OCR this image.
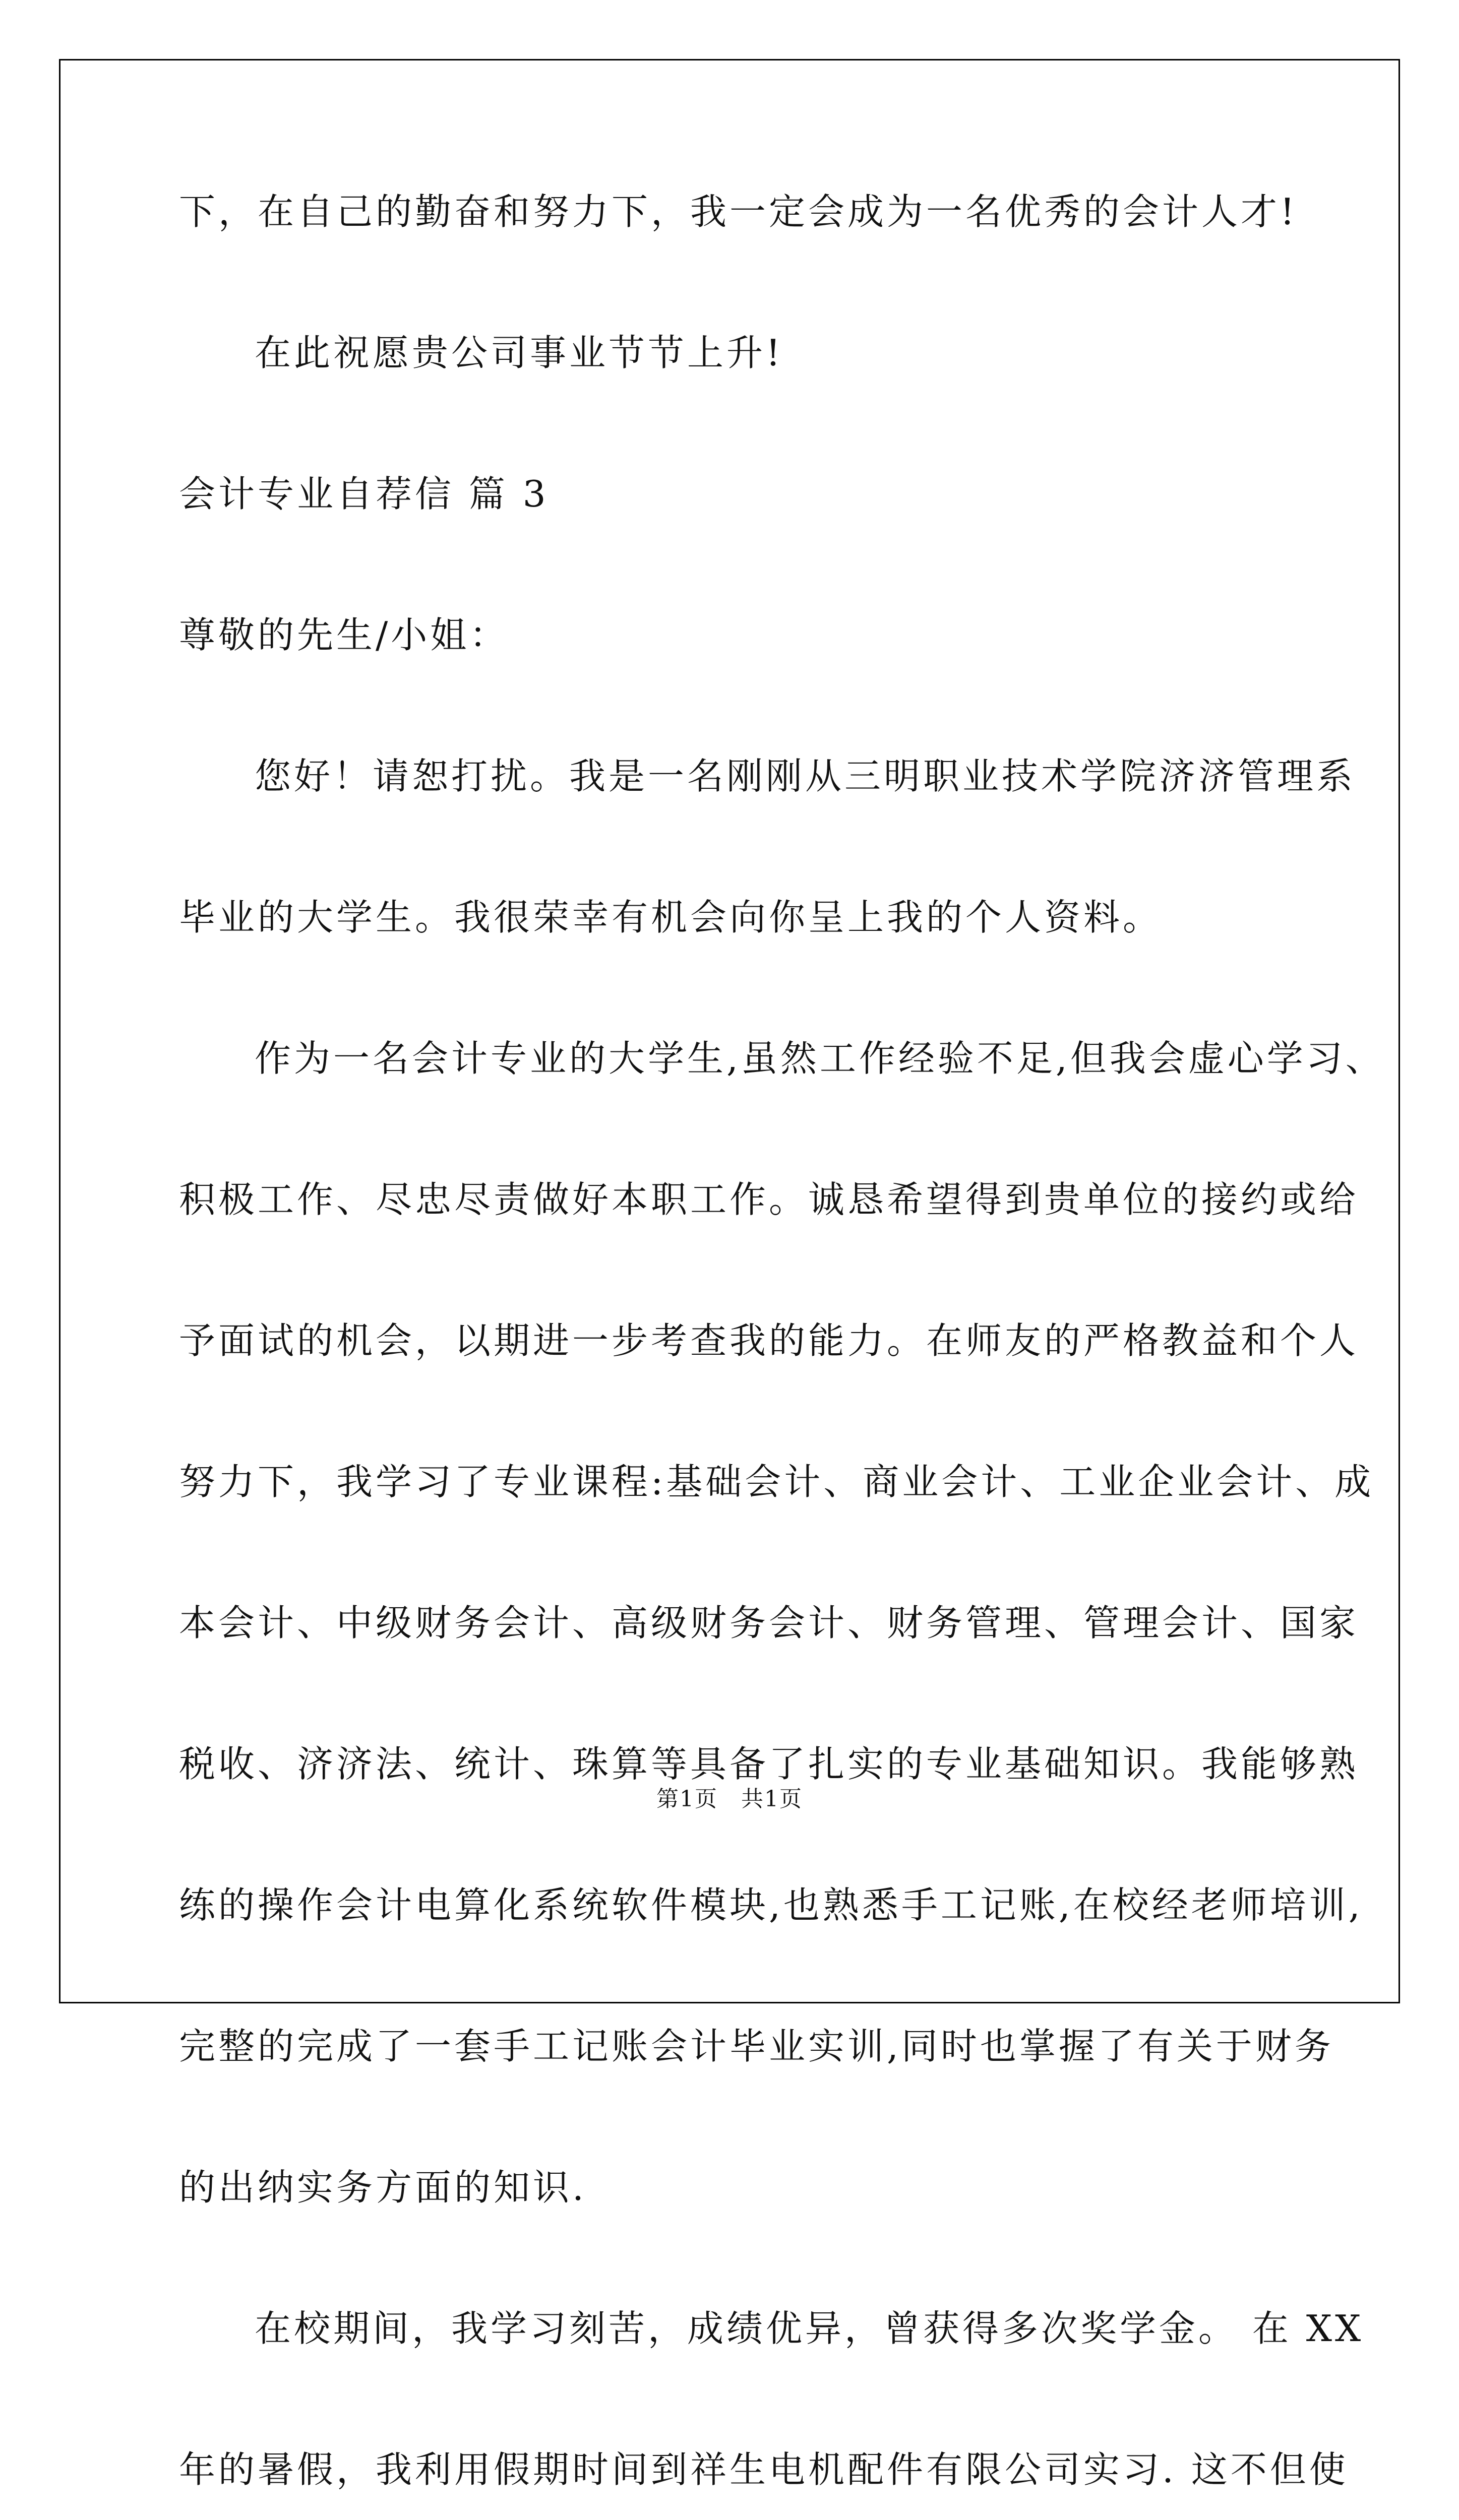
下，在自己的勤奋和努力下，我一定会成为一名优秀的会计人才!
在此祝愿贵公司事业节节上升!
会计专业自荐信 篇 3
尊敬的先生/小姐：
您好！请恕打扰。我是一名刚刚从三明职业技术学院济济管理系
毕业的大学生。我很荣幸有机会向你呈上我的个人资料。
作为一名会计专业的大学生,虽然工作经验不足,但我会虚心学习、
积极工作、尽忠尽责做好本职工作。诚恳希望得到贵单位的接约或给
予面试的机会，以期进一步考查我的能力。在师友的严格教益和个人
努力下，我学习了专业课程:基础会计、商业会计、工业企业会计、成
本会计、中级财务会计、高级财务会计、财务管理、管理会计、国家
税收、济济法、统计、珠算等具备了扎实的专业基础知识。我能够熟
练的操作会计电算化系统软件模块,也熟悉手工记账,在校经老师培训,
完整的完成了一套手工记账会计毕业实训,同时也掌握了有关于财务
的出纳实务方面的知识.
在校期间，我学习刻苦，成绩优异，曾获得多次奖学金。 在 XX
年的暑假，我利用假期时间到祥生电机配件有限公司实习. 这不但使
第1页　共1页
